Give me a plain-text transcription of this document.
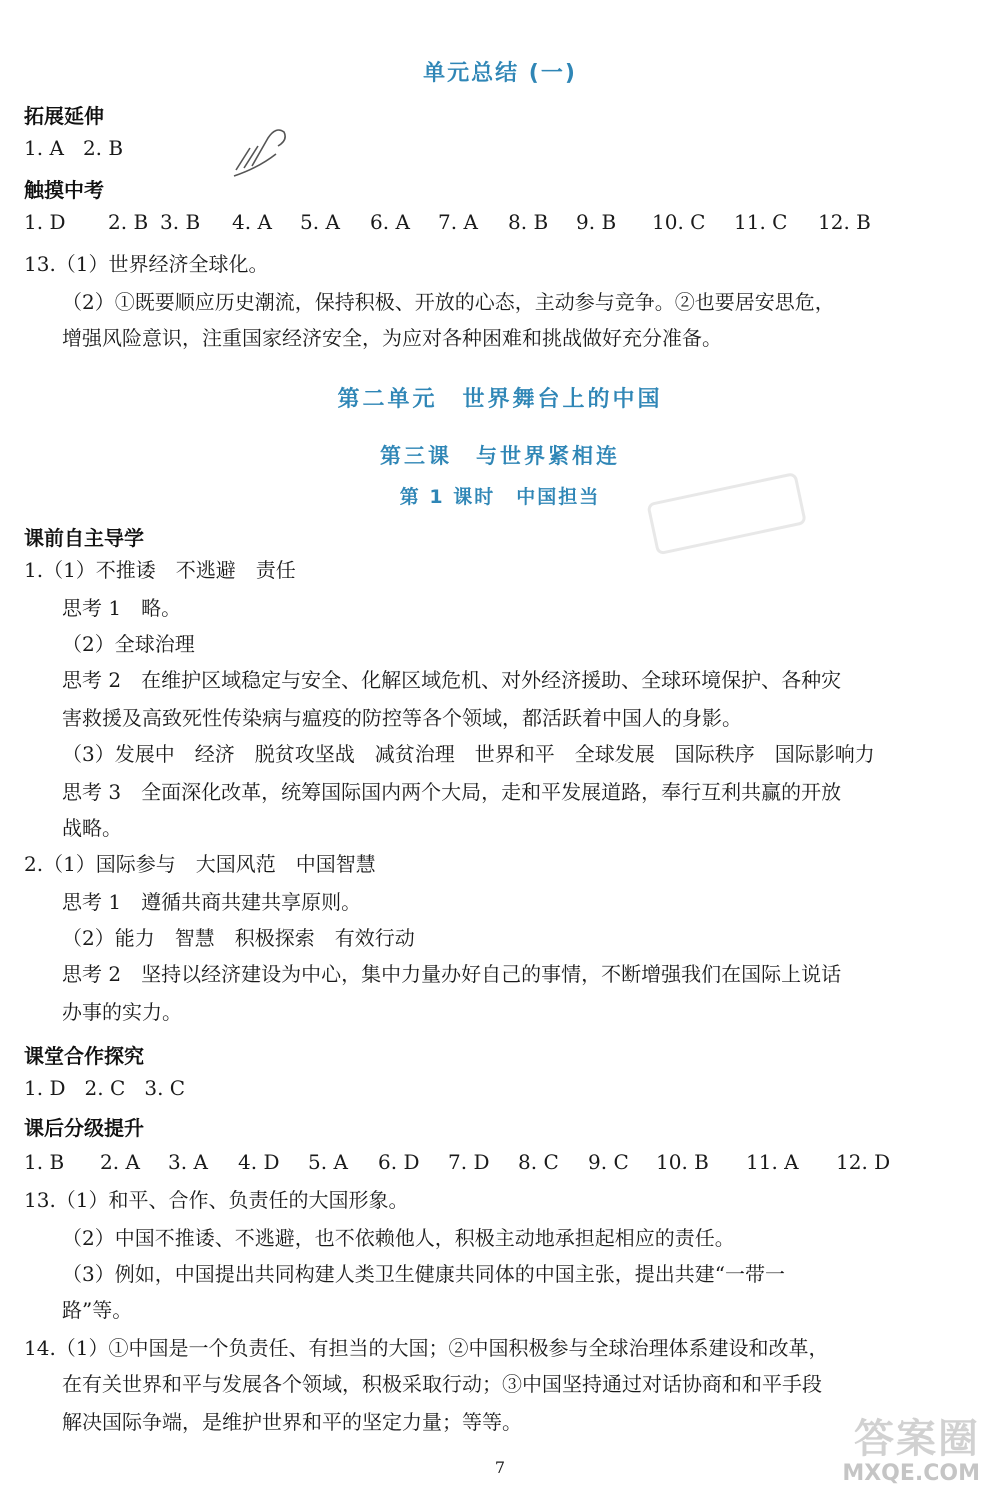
单元总结 (一)
拓展延伸
1. A   2. B
触摸中考

1. D

2. B

3. B

4. A

5. A

6. A

7. A

8. B

9. B

10. C

11. C

12. B

13.（1）世界经济全球化。
（2）①既要顺应历史潮流，保持积极、开放的心态，主动参与竞争。②也要居安思危，
增强风险意识，注重国家经济安全，为应对各种困难和挑战做好充分准备。
第二单元　世界舞台上的中国
第三课　与世界紧相连
第 1 课时　中国担当
课前自主导学
1.（1）不推诿　不逃避　责任
思考 1　略。
（2）全球治理
思考 2　在维护区域稳定与安全、化解区域危机、对外经济援助、全球环境保护、各种灾
害救援及高致死性传染病与瘟疫的防控等各个领域，都活跃着中国人的身影。
（3）发展中　经济　脱贫攻坚战　减贫治理　世界和平　全球发展　国际秩序　国际影响力
思考 3　全面深化改革，统筹国际国内两个大局，走和平发展道路，奉行互利共赢的开放
战略。
2.（1）国际参与　大国风范　中国智慧
思考 1　遵循共商共建共享原则。
（2）能力　智慧　积极探索　有效行动
思考 2　坚持以经济建设为中心，集中力量办好自己的事情，不断增强我们在国际上说话
办事的实力。
课堂合作探究
1. D   2. C   3. C
课后分级提升

1. B

2. A

3. A

4. D

5. A

6. D

7. D

8. C

9. C

10. B

11. A

12. D

13.（1）和平、合作、负责任的大国形象。
（2）中国不推诿、不逃避，也不依赖他人，积极主动地承担起相应的责任。
（3）例如，中国提出共同构建人类卫生健康共同体的中国主张，提出共建“一带一
路”等。
14.（1）①中国是一个负责任、有担当的大国；②中国积极参与全球治理体系建设和改革，
在有关世界和平与发展各个领域，积极采取行动；③中国坚持通过对话协商和和平手段
解决国际争端，是维护世界和平的坚定力量；等等。
7
答案圈
MXQE.COM
